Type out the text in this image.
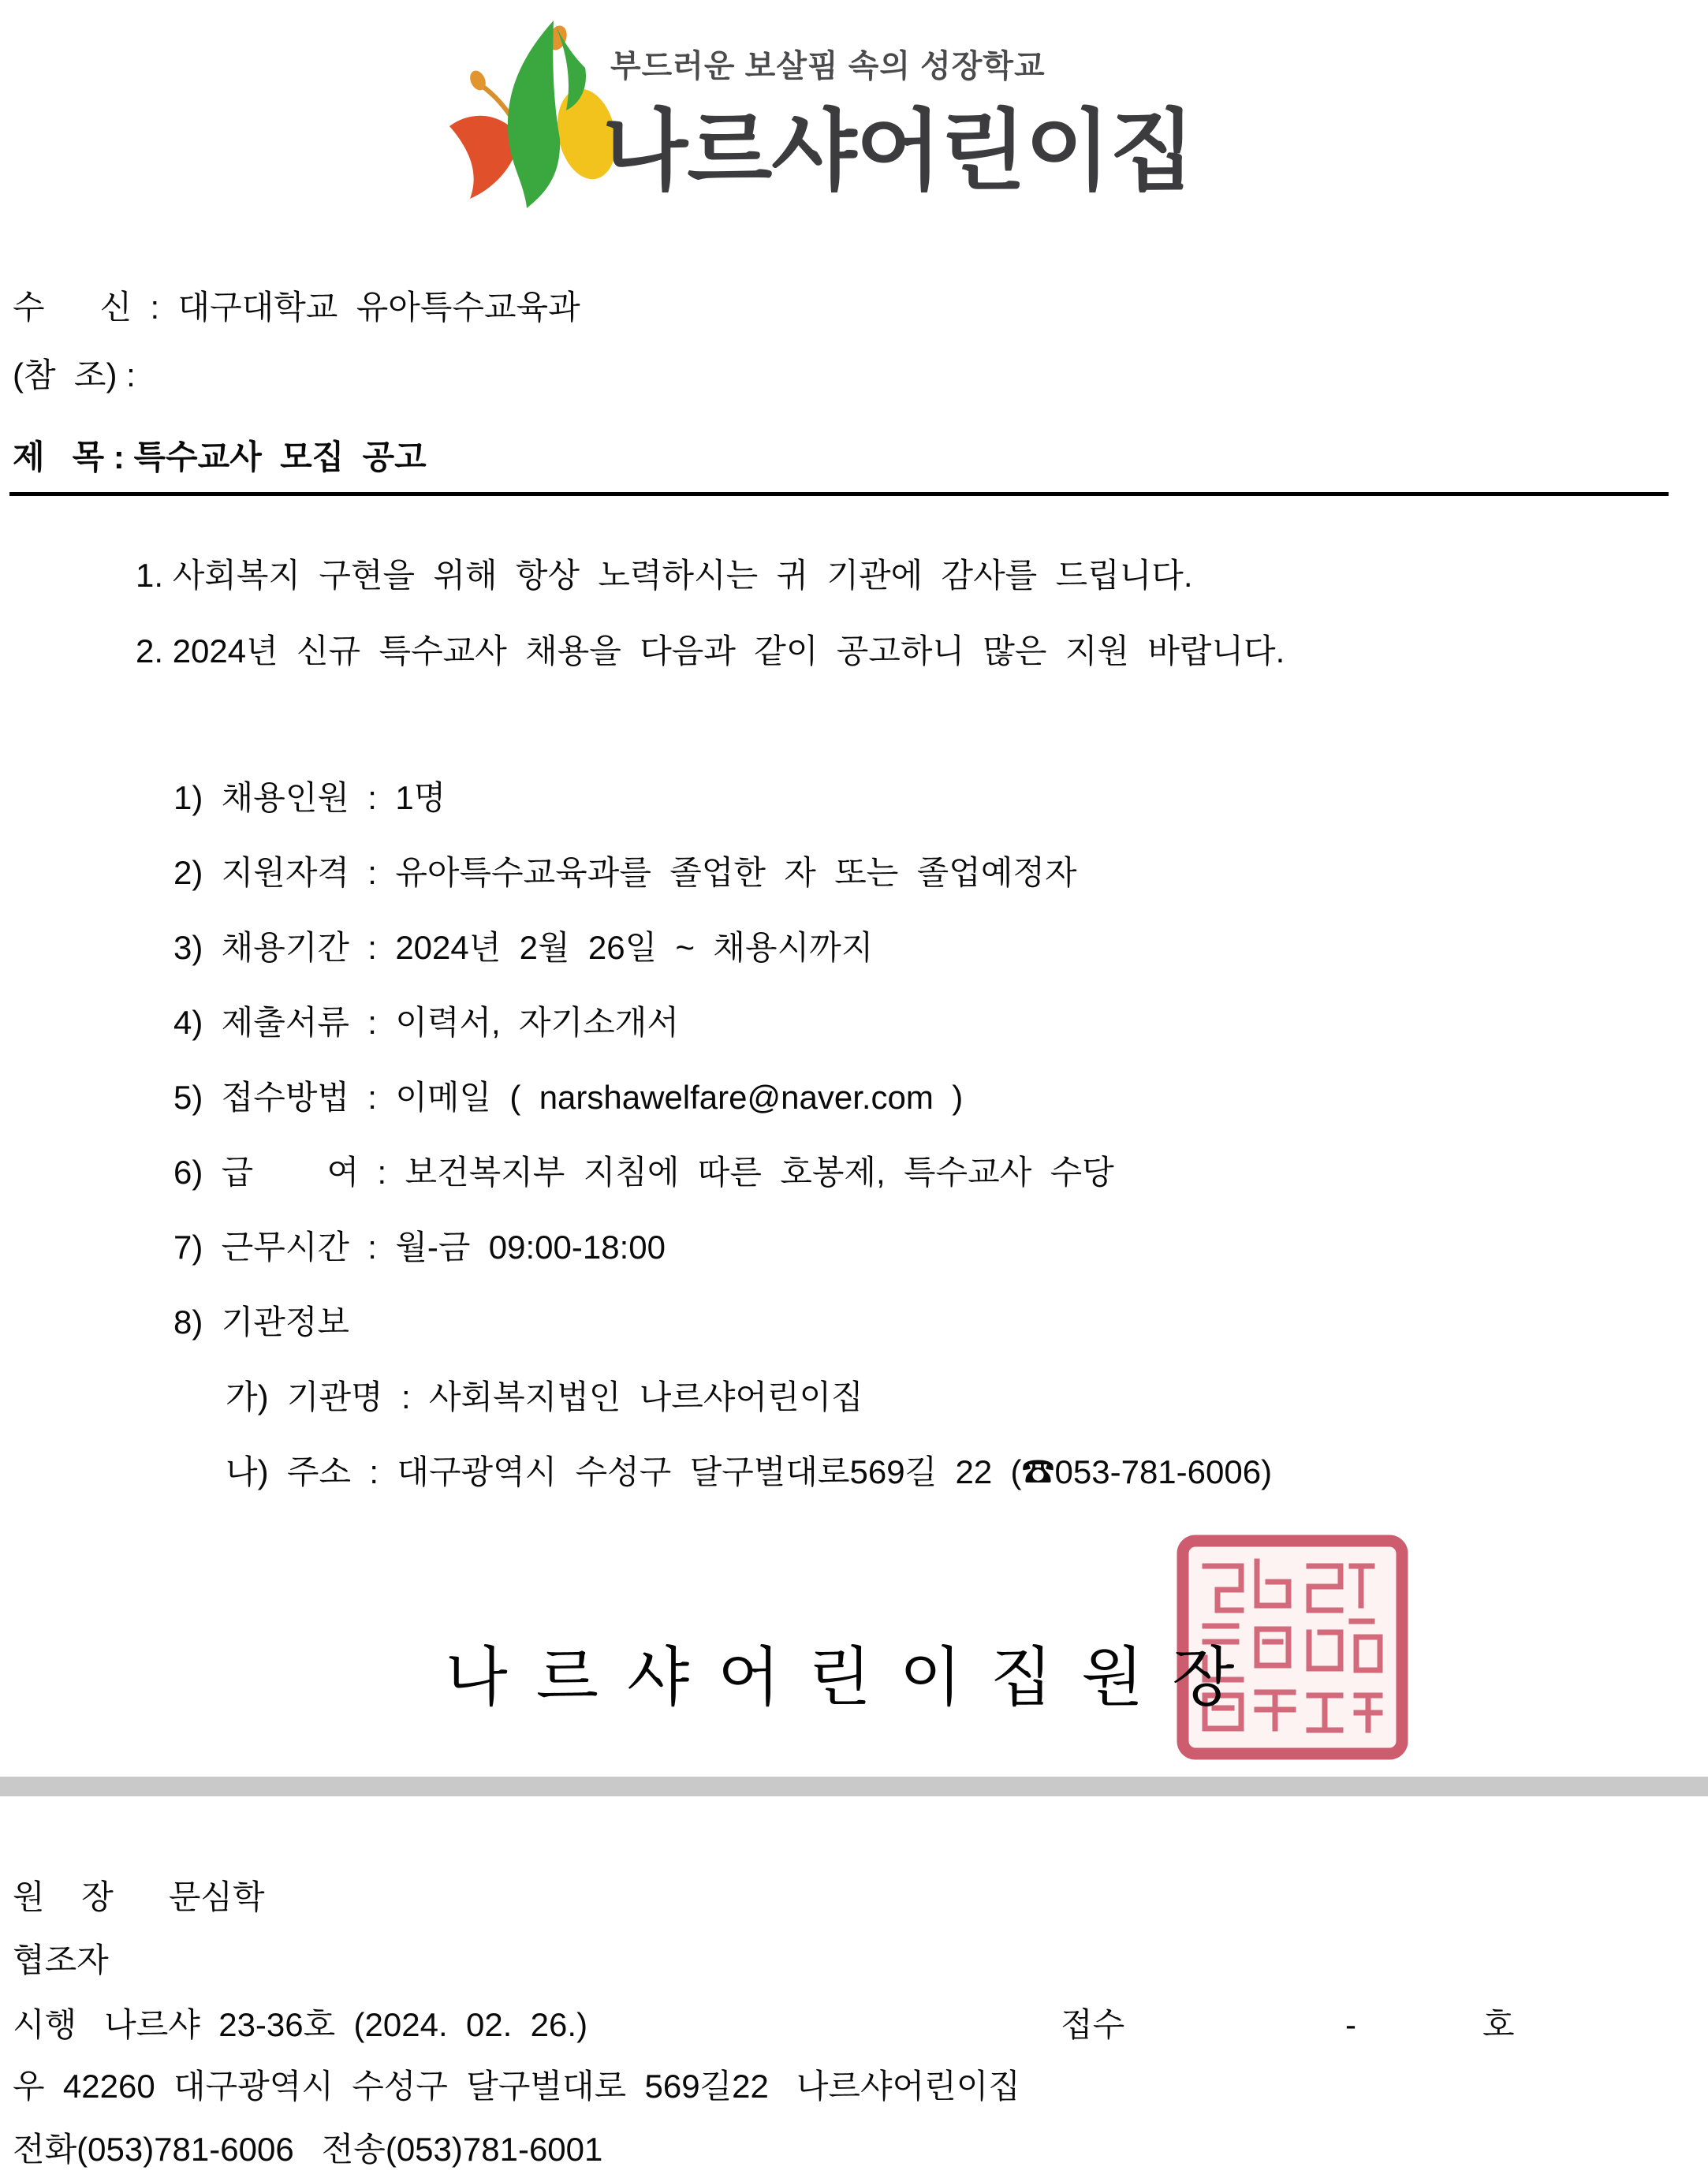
부드러운 보살핌 속의 성장학교
나르샤어린이집
수      신  :  대구대학교  유아특수교육과
(참  조) :
제   목 : 특수교사  모집  공고
1. 사회복지  구현을  위해  항상  노력하시는  귀  기관에  감사를  드립니다.
2. 2024년  신규  특수교사  채용을  다음과  같이  공고하니  많은  지원  바랍니다.
1)  채용인원  :  1명
2)  지원자격  :  유아특수교육과를  졸업한  자  또는  졸업예정자
3)  채용기간  :  2024년  2월  26일  ~  채용시까지
4)  제출서류  :  이력서,  자기소개서
5)  접수방법  :  이메일  (  narshawelfare@naver.com  )
6)  급        여  :  보건복지부  지침에  따른  호봉제,  특수교사  수당
7)  근무시간  :  월-금  09:00-18:00
8)  기관정보
가)  기관명  :  사회복지법인  나르샤어린이집
나)  주소  :  대구광역시  수성구  달구벌대로569길  22  (☎053-781-6006)
나르샤어린이집원장
원    장      문심학
협조자
시행   나르샤  23-36호  (2024.  02.  26.)	접수	-	호
우  42260  대구광역시  수성구  달구벌대로  569길22   나르샤어린이집
전화(053)781-6006   전송(053)781-6001
